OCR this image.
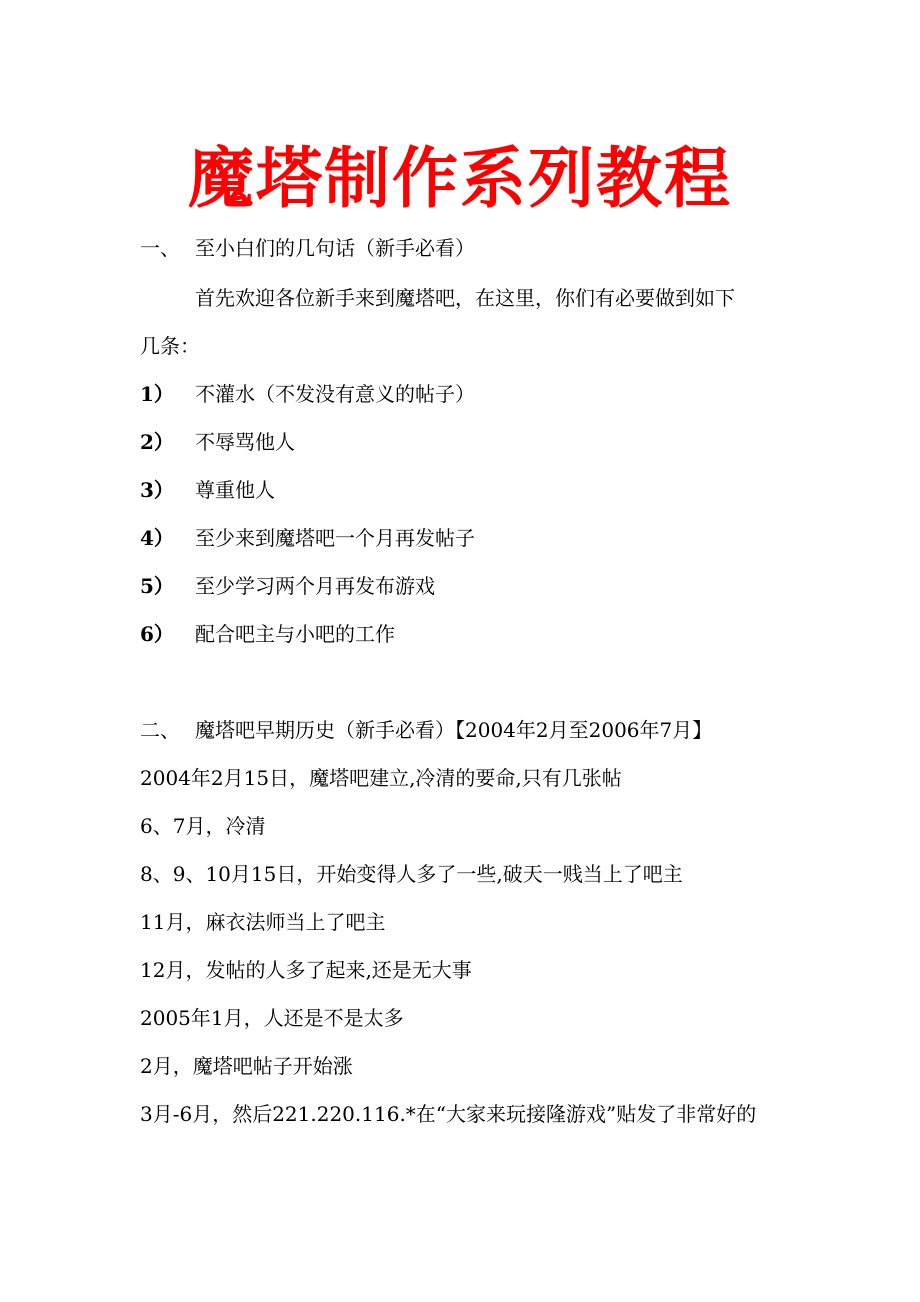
魔塔制作系列教程
一、 至小白们的几句话（新手必看）
首先欢迎各位新手来到魔塔吧，在这里，你们有必要做到如下
几条：
1） 不灌水（不发没有意义的帖子）
2） 不辱骂他人
3） 尊重他人
4） 至少来到魔塔吧一个月再发帖子
5） 至少学习两个月再发布游戏
6） 配合吧主与小吧的工作
二、 魔塔吧早期历史（新手必看）【2004年2月至2006年7月】
2004年2月15日，魔塔吧建立,冷清的要命,只有几张帖
6、7月，冷清
8、9、10月15日，开始变得人多了一些,破天一贱当上了吧主
11月，麻衣法师当上了吧主
12月，发帖的人多了起来,还是无大事
2005年1月，人还是不是太多
2月，魔塔吧帖子开始涨
3月-6月，然后221.220.116.*在“大家来玩接隆游戏”贴发了非常好的
